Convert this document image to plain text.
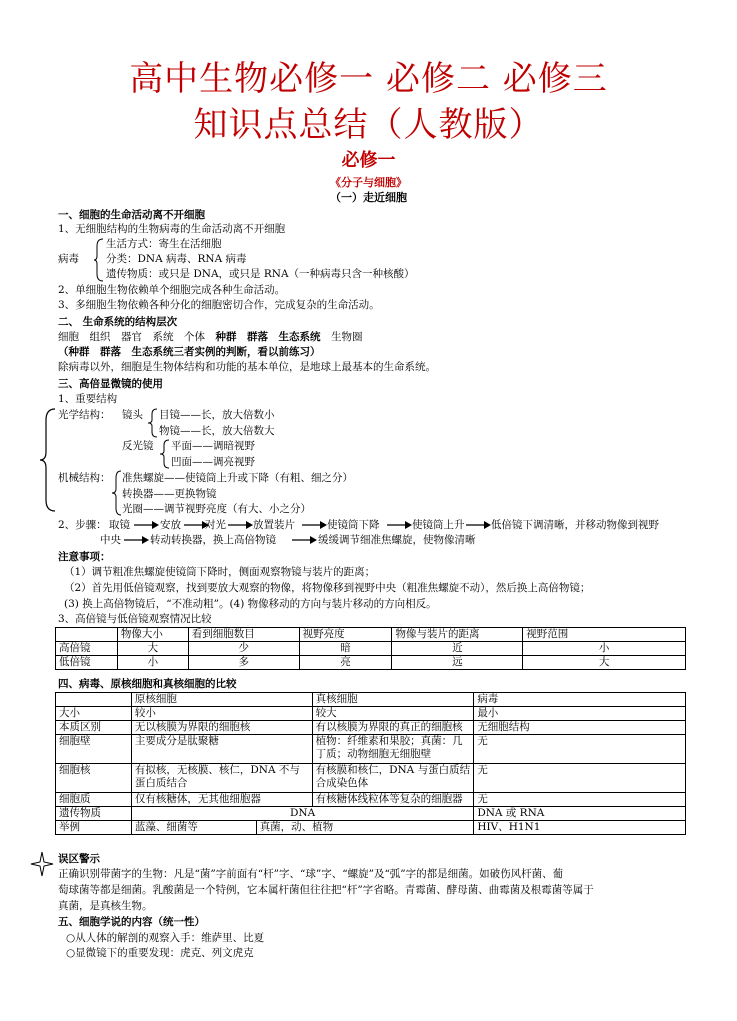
高中生物必修一 必修二 必修三
知识点总结（人教版）
必修一
《分子与细胞》
（一）走近细胞
一、细胞的生命活动离不开细胞
1、无细胞结构的生物病毒的生命活动离不开细胞
病毒
生活方式：寄生在活细胞
分类：DNA 病毒、RNA 病毒
遗传物质：或只是 DNA，或只是 RNA（一种病毒只含一种核酸）
2、单细胞生物依赖单个细胞完成各种生命活动。
3、多细胞生物依赖各种分化的细胞密切合作，完成复杂的生命活动。
二、 生命系统的结构层次
细胞　组织　器官　系统　个体　种群　群落　生态系统　生物圈
（种群　群落　生态系统三者实例的判断，看以前练习）
除病毒以外，细胞是生物体结构和功能的基本单位，是地球上最基本的生命系统。
三、高倍显微镜的使用
1、重要结构
光学结构： 镜头 目镜——长，放大倍数小
物镜——长，放大倍数大
反光镜 平面——调暗视野
凹面——调亮视野
机械结构： 准焦螺旋——使镜筒上升或下降（有粗、细之分）
转换器——更换物镜
光圈——调节视野亮度（有大、小之分）
2、步骤： 取镜	安放 对光	放置装片	使镜筒下降	使镜筒上升	低倍镜下调清晰，并移动物像到视野
中央	转动转换器，换上高倍物镜	缓缓调节细准焦螺旋，使物像清晰
注意事项：
（1）调节粗准焦螺旋使镜筒下降时，侧面观察物镜与装片的距离；
（2）首先用低倍镜观察，找到要放大观察的物像，将物像移到视野中央（粗准焦螺旋不动），然后换上高倍物镜；
(3) 换上高倍物镜后，“不准动粗”。(4) 物像移动的方向与装片移动的方向相反。
3、高倍镜与低倍镜观察情况比较
	物像大小	看到细胞数目	视野亮度	物像与装片的距离	视野范围
高倍镜	大	少	暗	近	小
低倍镜	小	多	亮	远	大
四、病毒、原核细胞和真核细胞的比较
	原核细胞		真核细胞	病毒
大小	较小		较大	最小
本质区别	无以核膜为界限的细胞核		有以核膜为界限的真正的细胞核	无细胞结构
细胞壁	主要成分是肽聚糖		植物：纤维素和果胶；真菌：几丁质；动物细胞无细胞壁	无
细胞核	有拟核，无核膜、核仁，DNA 不与蛋白质结合		有核膜和核仁，DNA 与蛋白质结合成染色体	无
细胞质	仅有核糖体，无其他细胞器		有核糖体线粒体等复杂的细胞器	无
遗传物质	DNA			DNA 或 RNA
举例	蓝藻、细菌等	真菌，动、植物		HIV、H1N1
误区警示
正确识别带菌字的生物：凡是“菌”字前面有“杆”字、“球”字、“螺旋”及“弧”字的都是细菌。如破伤风杆菌、葡
萄球菌等都是细菌。乳酸菌是一个特例，它本属杆菌但往往把“杆”字省略。青霉菌、酵母菌、曲霉菌及根霉菌等属于
真菌，是真核生物。
五、细胞学说的内容（统一性）
○从人体的解剖的观察入手：维萨里、比夏
○显微镜下的重要发现：虎克、列文虎克
